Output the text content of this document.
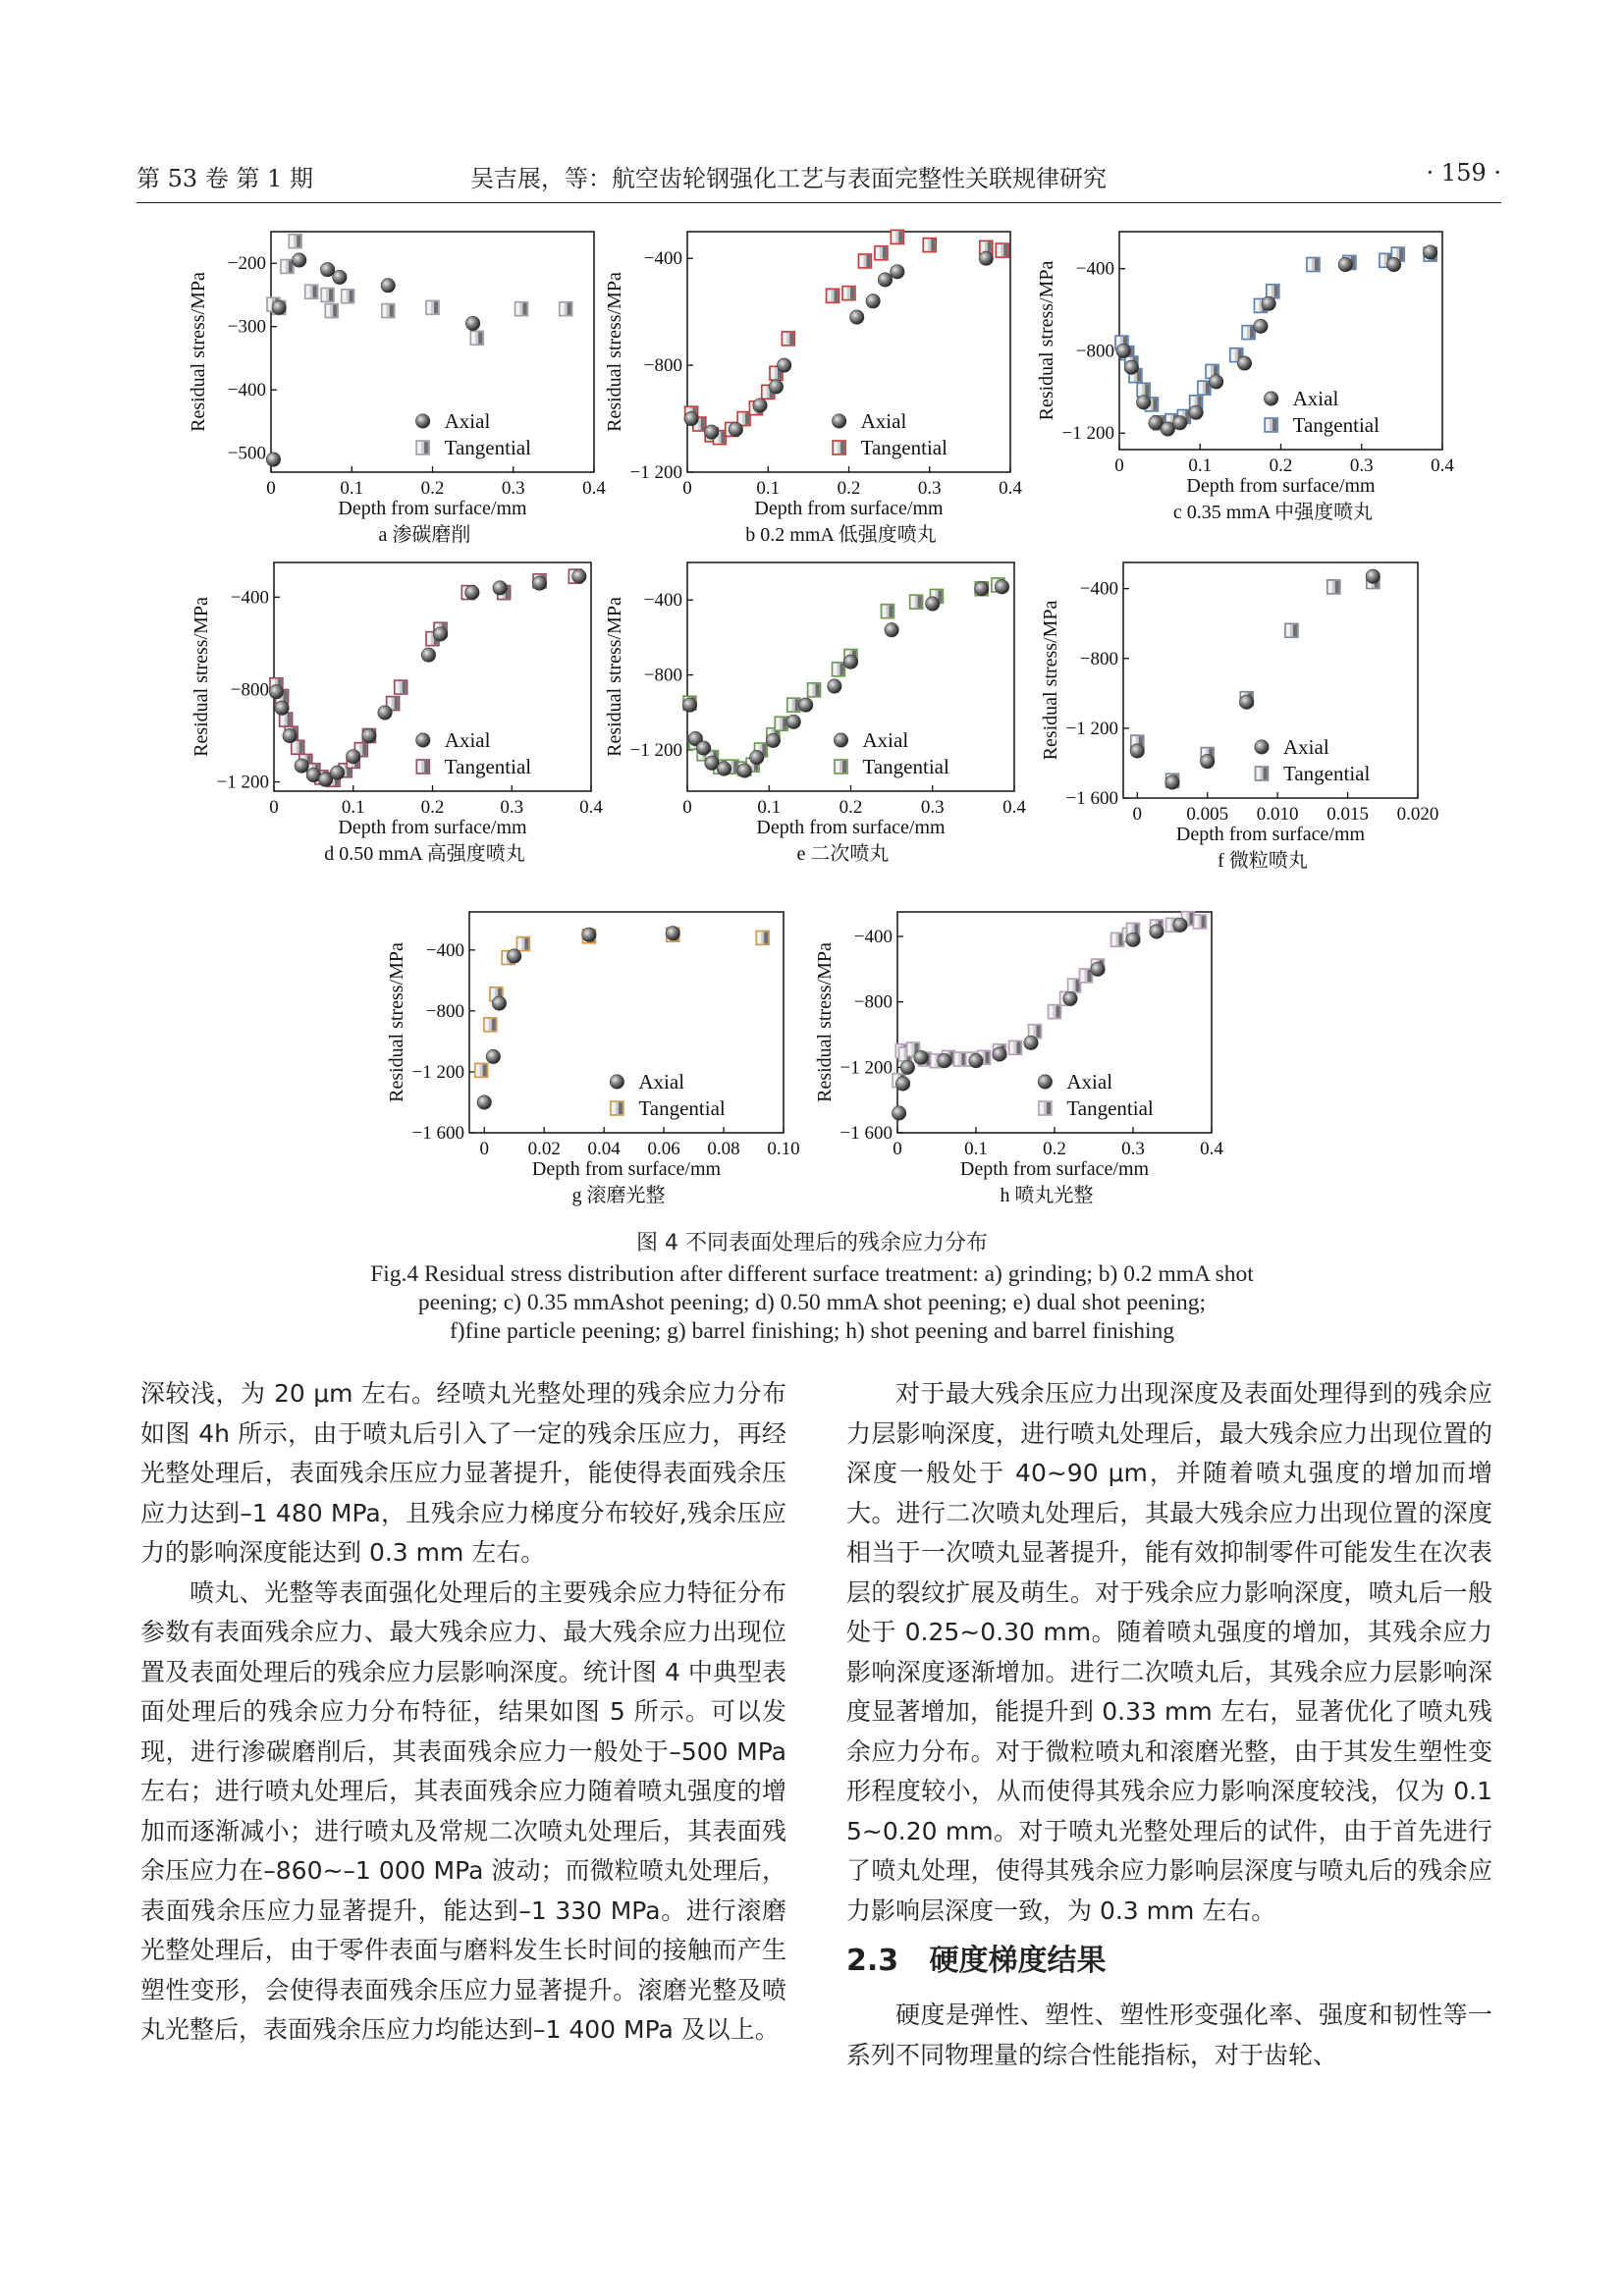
第 53 卷 第 1 期	吴吉展，等：航空齿轮钢强化工艺与表面完整性关联规律研究	· 159 ·
0	0.1	0.2	0.3	0.4
−200
−300
−400
−500
Depth from surface/mm
Residual stress/MPa
a 渗碳磨削
Axial
Tangential
0	0.1	0.2	0.3	0.4
−400
−800
−1 200
Depth from surface/mm
Residual stress/MPa
b 0.2 mmA 低强度喷丸
Axial
Tangential
0	0.1	0.2	0.3	0.4
−400
−800
−1 200
Depth from surface/mm
Residual stress/MPa
c 0.35 mmA 中强度喷丸
Axial
Tangential
0	0.1	0.2	0.3	0.4
−400
−800
−1 200
Depth from surface/mm
Residual stress/MPa
d 0.50 mmA 高强度喷丸
Axial
Tangential
0	0.1	0.2	0.3	0.4
−400
−800
−1 200
Depth from surface/mm
Residual stress/MPa
e 二次喷丸
Axial
Tangential
0 0.005 0.010 0.015 0.020
−400
−800
−1 200
−1 600
Depth from surface/mm
Residual stress/MPa
f 微粒喷丸
Axial
Tangential
0 0.02 0.04 0.06 0.08 0.10
−400
−800
−1 200
−1 600
Depth from surface/mm
Residual stress/MPa
g 滚磨光整
Axial
Tangential
0	0.1	0.2	0.3	0.4
−400
−800
−1 200
−1 600
Depth from surface/mm
Residual stress/MPa
h 喷丸光整
Axial
Tangential
图 4 不同表面处理后的残余应力分布
Fig.4 Residual stress distribution after different surface treatment: a) grinding; b) 0.2 mmA shot
peening; c) 0.35 mmAshot peening; d) 0.50 mmA shot peening; e) dual shot peening;
f)fine particle peening; g) barrel finishing; h) shot peening and barrel finishing

深较浅，为 20 μm 左右。经喷丸光整处理的残余应力分布如图 4h 所示，由于喷丸后引入了一定的残余压应力，再经光整处理后，表面残余压应力显著提升，能使得表面残余压应力达到–1 480 MPa，且残余应力梯度分布较好,残余压应力的影响深度能达到 0.3 mm 左右。

喷丸、光整等表面强化处理后的主要残余应力特征分布参数有表面残余应力、最大残余应力、最大残余应力出现位置及表面处理后的残余应力层影响深度。统计图 4 中典型表面处理后的残余应力分布特征，结果如图 5 所示。可以发现，进行渗碳磨削后，其表面残余应力一般处于–500 MPa 左右；进行喷丸处理后，其表面残余应力随着喷丸强度的增加而逐渐减小；进行喷丸及常规二次喷丸处理后，其表面残余压应力在–860~–1 000 MPa 波动；而微粒喷丸处理后，表面残余压应力显著提升，能达到–1 330 MPa。进行滚磨光整处理后，由于零件表面与磨料发生长时间的接触而产生塑性变形，会使得表面残余压应力显著提升。滚磨光整及喷丸光整后，表面残余压应力均能达到–1 400 MPa 及以上。

对于最大残余压应力出现深度及表面处理得到的残余应力层影响深度，进行喷丸处理后，最大残余应力出现位置的深度一般处于 40~90 μm，并随着喷丸强度的增加而增大。进行二次喷丸处理后，其最大残余应力出现位置的深度相当于一次喷丸显著提升，能有效抑制零件可能发生在次表层的裂纹扩展及萌生。对于残余应力影响深度，喷丸后一般处于 0.25~0.30 mm。随着喷丸强度的增加，其残余应力影响深度逐渐增加。进行二次喷丸后，其残余应力层影响深度显著增加，能提升到 0.33 mm 左右，显著优化了喷丸残余应力分布。对于微粒喷丸和滚磨光整，由于其发生塑性变形程度较小，从而使得其残余应力影响深度较浅，仅为 0.15~0.20 mm。对于喷丸光整处理后的试件，由于首先进行了喷丸处理，使得其残余应力影响层深度与喷丸后的残余应力影响层深度一致，为 0.3 mm 左右。

2.3 硬度梯度结果

硬度是弹性、塑性、塑性形变强化率、强度和韧性等一系列不同物理量的综合性能指标，对于齿轮、
